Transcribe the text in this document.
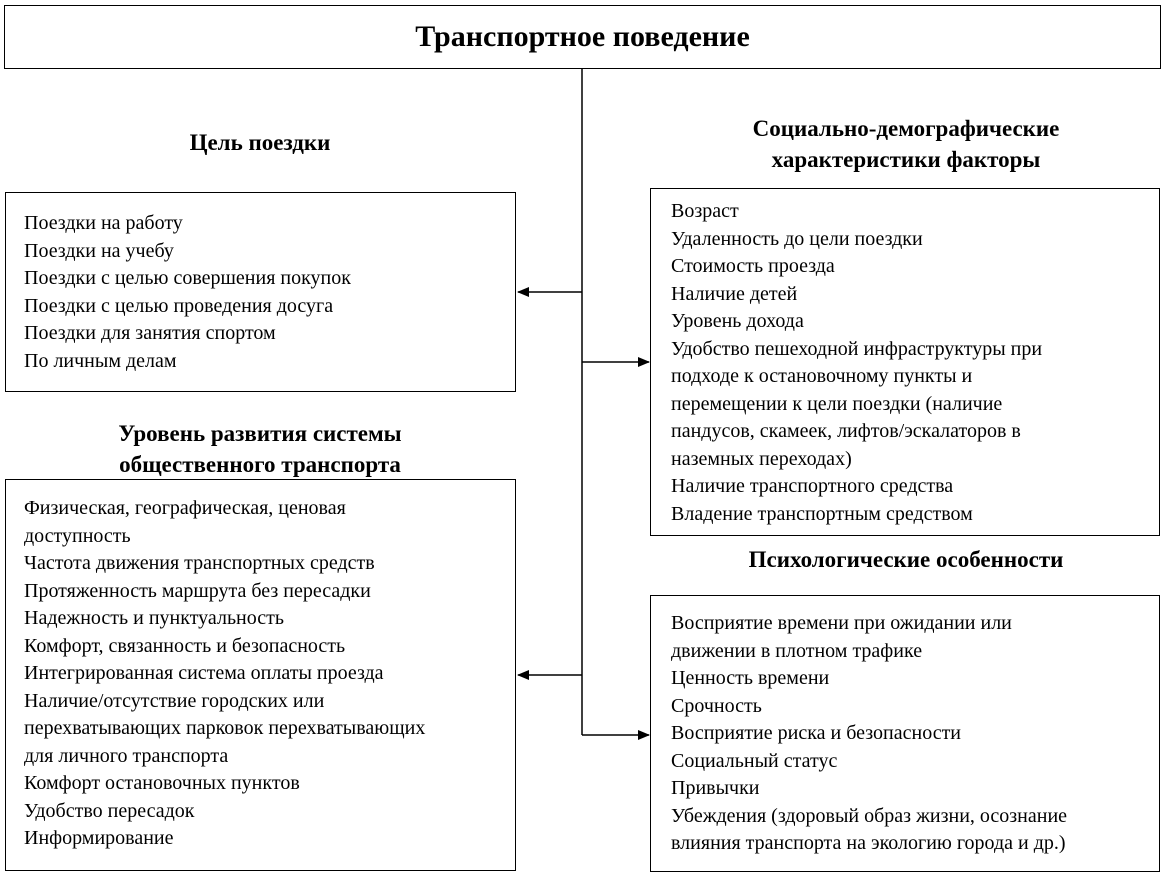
Транспортное поведение
Цель поездки
Поездки на работу
Поездки на учебу
Поездки с целью совершения покупок
Поездки с целью проведения досуга
Поездки для занятия спортом
По личным делам
Социально-демографические
характеристики факторы
Возраст
Удаленность до цели поездки
Стоимость проезда
Наличие детей
Уровень дохода
Удобство пешеходной инфраструктуры при
подходе к остановочному пункты и
перемещении к цели поездки (наличие
пандусов, скамеек, лифтов/эскалаторов в
наземных переходах)
Наличие транспортного средства
Владение транспортным средством
Уровень развития системы
общественного транспорта
Физическая, географическая, ценовая
доступность
Частота движения транспортных средств
Протяженность маршрута без пересадки
Надежность и пунктуальность
Комфорт, связанность и безопасность
Интегрированная система оплаты проезда
Наличие/отсутствие городских или
перехватывающих парковок перехватывающих
для личного транспорта
Комфорт остановочных пунктов
Удобство пересадок
Информирование
Психологические особенности
Восприятие времени при ожидании или
движении в плотном трафике
Ценность времени
Срочность
Восприятие риска и безопасности
Социальный статус
Привычки
Убеждения (здоровый образ жизни, осознание
влияния транспорта на экологию города и др.)
